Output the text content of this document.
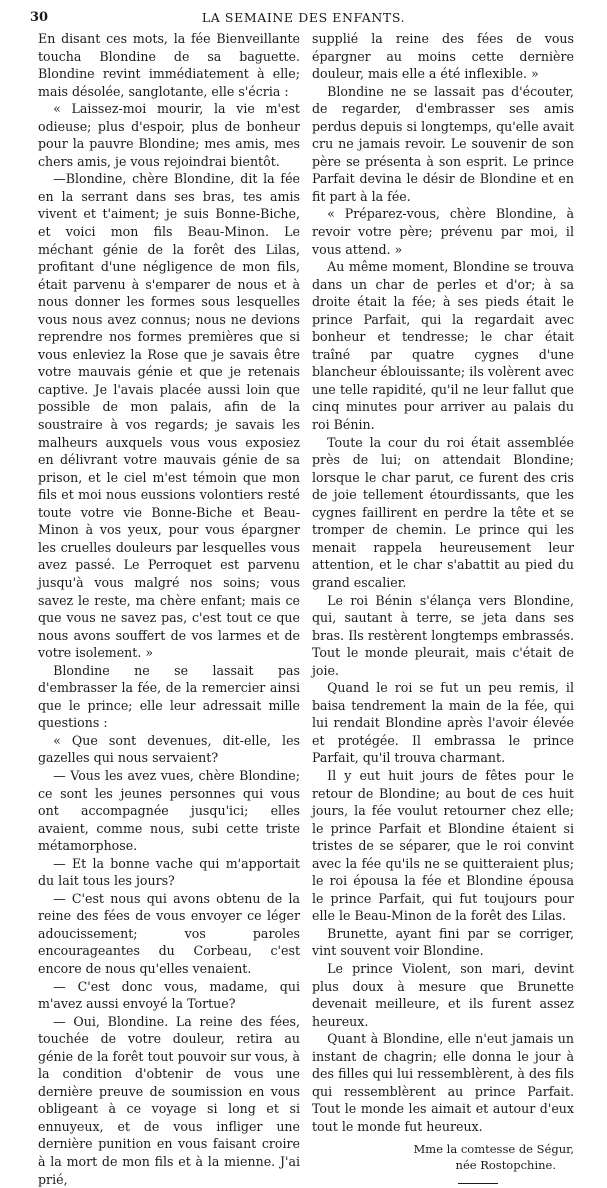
30	LA SEMAINE DES ENFANTS.

En disant ces mots, la fée Bienveillante toucha Blondine de sa baguette. Blondine revint immédiatement à elle; mais désolée, sanglotante, elle s'écria :

« Laissez-moi mourir, la vie m'est odieuse; plus d'espoir, plus de bonheur pour la pauvre Blondine; mes amis, mes chers amis, je vous rejoindrai bientôt.

—Blondine, chère Blondine, dit la fée en la serrant dans ses bras, tes amis vivent et t'aiment; je suis Bonne-Biche, et voici mon fils Beau-Minon. Le méchant génie de la forêt des Lilas, profitant d'une négligence de mon fils, était parvenu à s'emparer de nous et à nous donner les formes sous lesquelles vous nous avez connus; nous ne devions reprendre nos formes premières que si vous enleviez la Rose que je savais être votre mauvais génie et que je retenais captive. Je l'avais placée aussi loin que possible de mon palais, afin de la soustraire à vos regards; je savais les malheurs auxquels vous vous exposiez en délivrant votre mauvais génie de sa prison, et le ciel m'est témoin que mon fils et moi nous eussions volontiers resté toute votre vie Bonne-Biche et Beau-Minon à vos yeux, pour vous épargner les cruelles douleurs par lesquelles vous avez passé. Le Perroquet est parvenu jusqu'à vous malgré nos soins; vous savez le reste, ma chère enfant; mais ce que vous ne savez pas, c'est tout ce que nous avons souffert de vos larmes et de votre isolement. »

Blondine ne se lassait pas d'embrasser la fée, de la remercier ainsi que le prince; elle leur adressait mille questions :

« Que sont devenues, dit-elle, les gazelles qui nous servaient?

— Vous les avez vues, chère Blondine; ce sont les jeunes personnes qui vous ont accompagnée jusqu'ici; elles avaient, comme nous, subi cette triste métamorphose.

— Et la bonne vache qui m'apportait du lait tous les jours?

— C'est nous qui avons obtenu de la reine des fées de vous envoyer ce léger adoucissement; vos paroles encourageantes du Corbeau, c'est encore de nous qu'elles venaient.

— C'est donc vous, madame, qui m'avez aussi envoyé la Tortue?

— Oui, Blondine. La reine des fées, touchée de votre douleur, retira au génie de la forêt tout pouvoir sur vous, à la condition d'obtenir de vous une dernière preuve de soumission en vous obligeant à ce voyage si long et si ennuyeux, et de vous infliger une dernière punition en vous faisant croire à la mort de mon fils et à la mienne. J'ai prié,

supplié la reine des fées de vous épargner au moins cette dernière douleur, mais elle a été inflexible. »

Blondine ne se lassait pas d'écouter, de regarder, d'embrasser ses amis perdus depuis si longtemps, qu'elle avait cru ne jamais revoir. Le souvenir de son père se présenta à son esprit. Le prince Parfait devina le désir de Blondine et en fit part à la fée.

« Préparez-vous, chère Blondine, à revoir votre père; prévenu par moi, il vous attend. »

Au même moment, Blondine se trouva dans un char de perles et d'or; à sa droite était la fée; à ses pieds était le prince Parfait, qui la regardait avec bonheur et tendresse; le char était traîné par quatre cygnes d'une blancheur éblouissante; ils volèrent avec une telle rapidité, qu'il ne leur fallut que cinq minutes pour arriver au palais du roi Bénin.

Toute la cour du roi était assemblée près de lui; on attendait Blondine; lorsque le char parut, ce furent des cris de joie tellement étourdissants, que les cygnes faillirent en perdre la tête et se tromper de chemin. Le prince qui les menait rappela heureusement leur attention, et le char s'abattit au pied du grand escalier.

Le roi Bénin s'élança vers Blondine, qui, sautant à terre, se jeta dans ses bras. Ils restèrent longtemps embrassés. Tout le monde pleurait, mais c'était de joie.

Quand le roi se fut un peu remis, il baisa tendrement la main de la fée, qui lui rendait Blondine après l'avoir élevée et protégée. Il embrassa le prince Parfait, qu'il trouva charmant.

Il y eut huit jours de fêtes pour le retour de Blondine; au bout de ces huit jours, la fée voulut retourner chez elle; le prince Parfait et Blondine étaient si tristes de se séparer, que le roi convint avec la fée qu'ils ne se quitteraient plus; le roi épousa la fée et Blondine épousa le prince Parfait, qui fut toujours pour elle le Beau-Minon de la forêt des Lilas.

Brunette, ayant fini par se corriger, vint souvent voir Blondine.

Le prince Violent, son mari, devint plus doux à mesure que Brunette devenait meilleure, et ils furent assez heureux.

Quant à Blondine, elle n'eut jamais un instant de chagrin; elle donna le jour à des filles qui lui ressemblèrent, à des fils qui ressemblèrent au prince Parfait. Tout le monde les aimait et autour d'eux tout le monde fut heureux.

Mme la comtesse de Ségur,
née Rostopchine.
